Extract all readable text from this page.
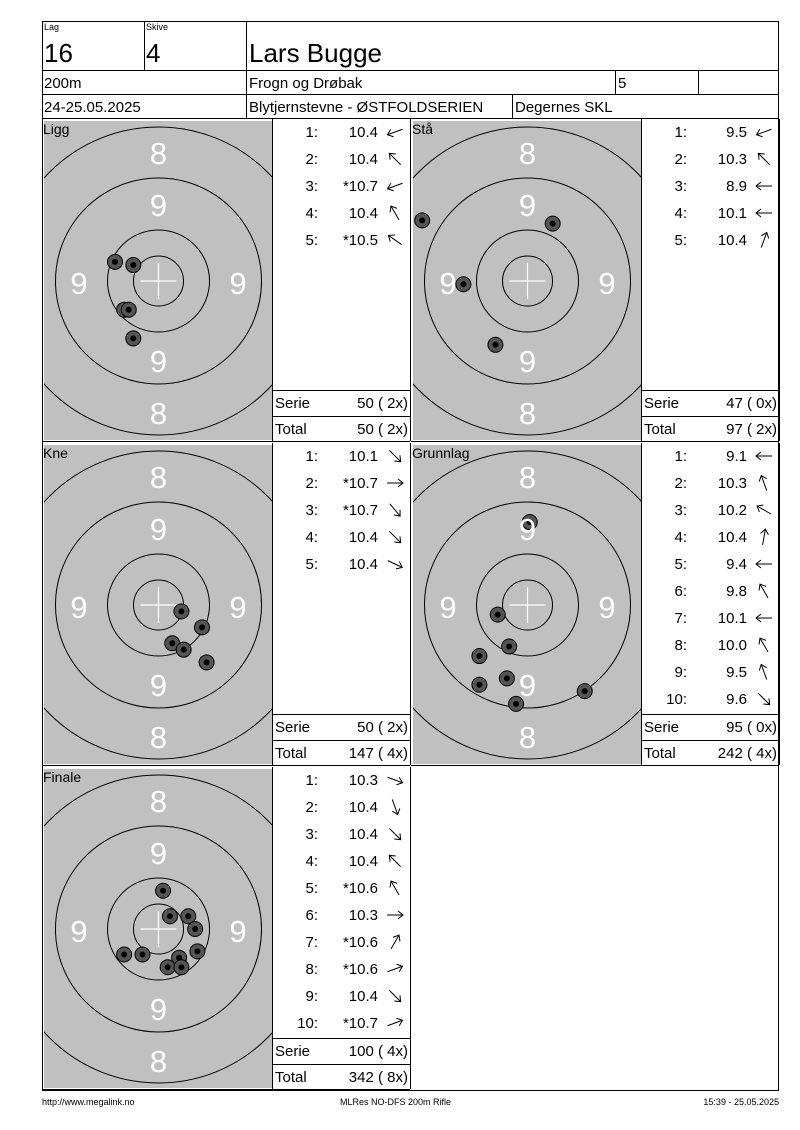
Lag
16
Skive
4	Lars Bugge
200m	Frogn og Drøbak	5
24-25.05.2025	Blytjernstevne - ØSTFOLDSERIEN Degernes SKL
8
9
9	9
9
8
Ligg	1:	10.4
2:	10.4
3:	*10.7
4:	10.4
5:	*10.5
Serie	50 ( 2x)
Total	50 ( 2x)
8
9
9	9
9
8
Stå	1:	9.5
2:	10.3
3:	8.9
4:	10.1
5:	10.4
Serie	47 ( 0x)
Total	97 ( 2x)
8
9
9	9
9
8
Kne	1:	10.1
2:	*10.7
3:	*10.7
4:	10.4
5:	10.4
Serie	50 ( 2x)
Total	147 ( 4x)
8
9
9	9
9
8
Grunnlag	1:	9.1
2:	10.3
3:	10.2
4:	10.4
5:	9.4
6:	9.8
7:	10.1
8:	10.0
9:	9.5
10:	9.6
Serie	95 ( 0x)
Total	242 ( 4x)
8
9
9	9
9
8
Finale	1:	10.3
2:	10.4
3:	10.4
4:	10.4
5:	*10.6
6:	10.3
7:	*10.6
8:	*10.6
9:	10.4
10:	*10.7
Serie	100 ( 4x)
Total	342 ( 8x)
http://www.megalink.no	MLRes NO-DFS 200m Rifle	15:39 - 25.05.2025
